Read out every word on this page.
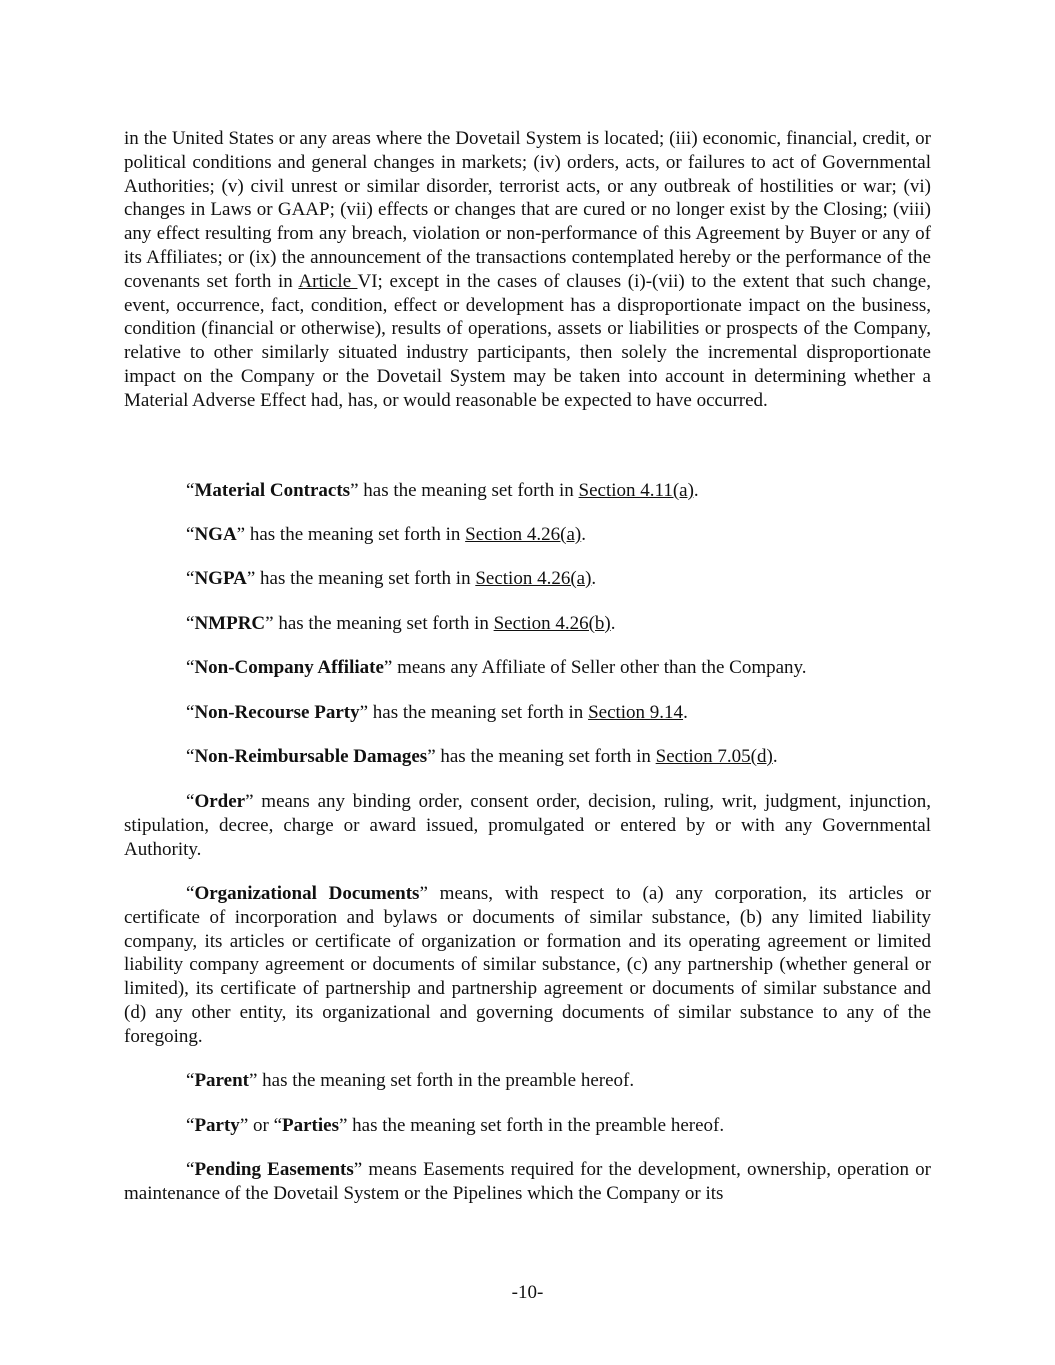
in the United States or any areas where the Dovetail System is located; (iii) economic, financial, credit, or political conditions and general changes in markets; (iv) orders, acts, or failures to act of Governmental Authorities; (v) civil unrest or similar disorder, terrorist acts, or any outbreak of hostilities or war; (vi) changes in Laws or GAAP; (vii) effects or changes that are cured or no longer exist by the Closing; (viii) any effect resulting from any breach, violation or non-performance of this Agreement by Buyer or any of its Affiliates; or (ix) the announcement of the transactions contemplated hereby or the performance of the covenants set forth in Article VI; except in the cases of clauses (i)-(vii) to the extent that such change, event, occurrence, fact, condition, effect or development has a disproportionate impact on the business, condition (financial or otherwise), results of operations, assets or liabilities or prospects of the Company, relative to other similarly situated industry participants, then solely the incremental disproportionate impact on the Company or the Dovetail System may be taken into account in determining whether a Material Adverse Effect had, has, or would reasonable be expected to have occurred.

“Material Contracts” has the meaning set forth in Section 4.11(a).

“NGA” has the meaning set forth in Section 4.26(a).

“NGPA” has the meaning set forth in Section 4.26(a).

“NMPRC” has the meaning set forth in Section 4.26(b).

“Non-Company Affiliate” means any Affiliate of Seller other than the Company.

“Non-Recourse Party” has the meaning set forth in Section 9.14.

“Non-Reimbursable Damages” has the meaning set forth in Section 7.05(d).

“Order” means any binding order, consent order, decision, ruling, writ, judgment, injunction, stipulation, decree, charge or award issued, promulgated or entered by or with any Governmental Authority.

“Organizational Documents” means, with respect to (a) any corporation, its articles or certificate of incorporation and bylaws or documents of similar substance, (b) any limited liability company, its articles or certificate of organization or formation and its operating agreement or limited liability company agreement or documents of similar substance, (c) any partnership (whether general or limited), its certificate of partnership and partnership agreement or documents of similar substance and (d) any other entity, its organizational and governing documents of similar substance to any of the foregoing.

“Parent” has the meaning set forth in the preamble hereof.

“Party” or “Parties” has the meaning set forth in the preamble hereof.

“Pending Easements” means Easements required for the development, ownership, operation or maintenance of the Dovetail System or the Pipelines which the Company or its

-10-
